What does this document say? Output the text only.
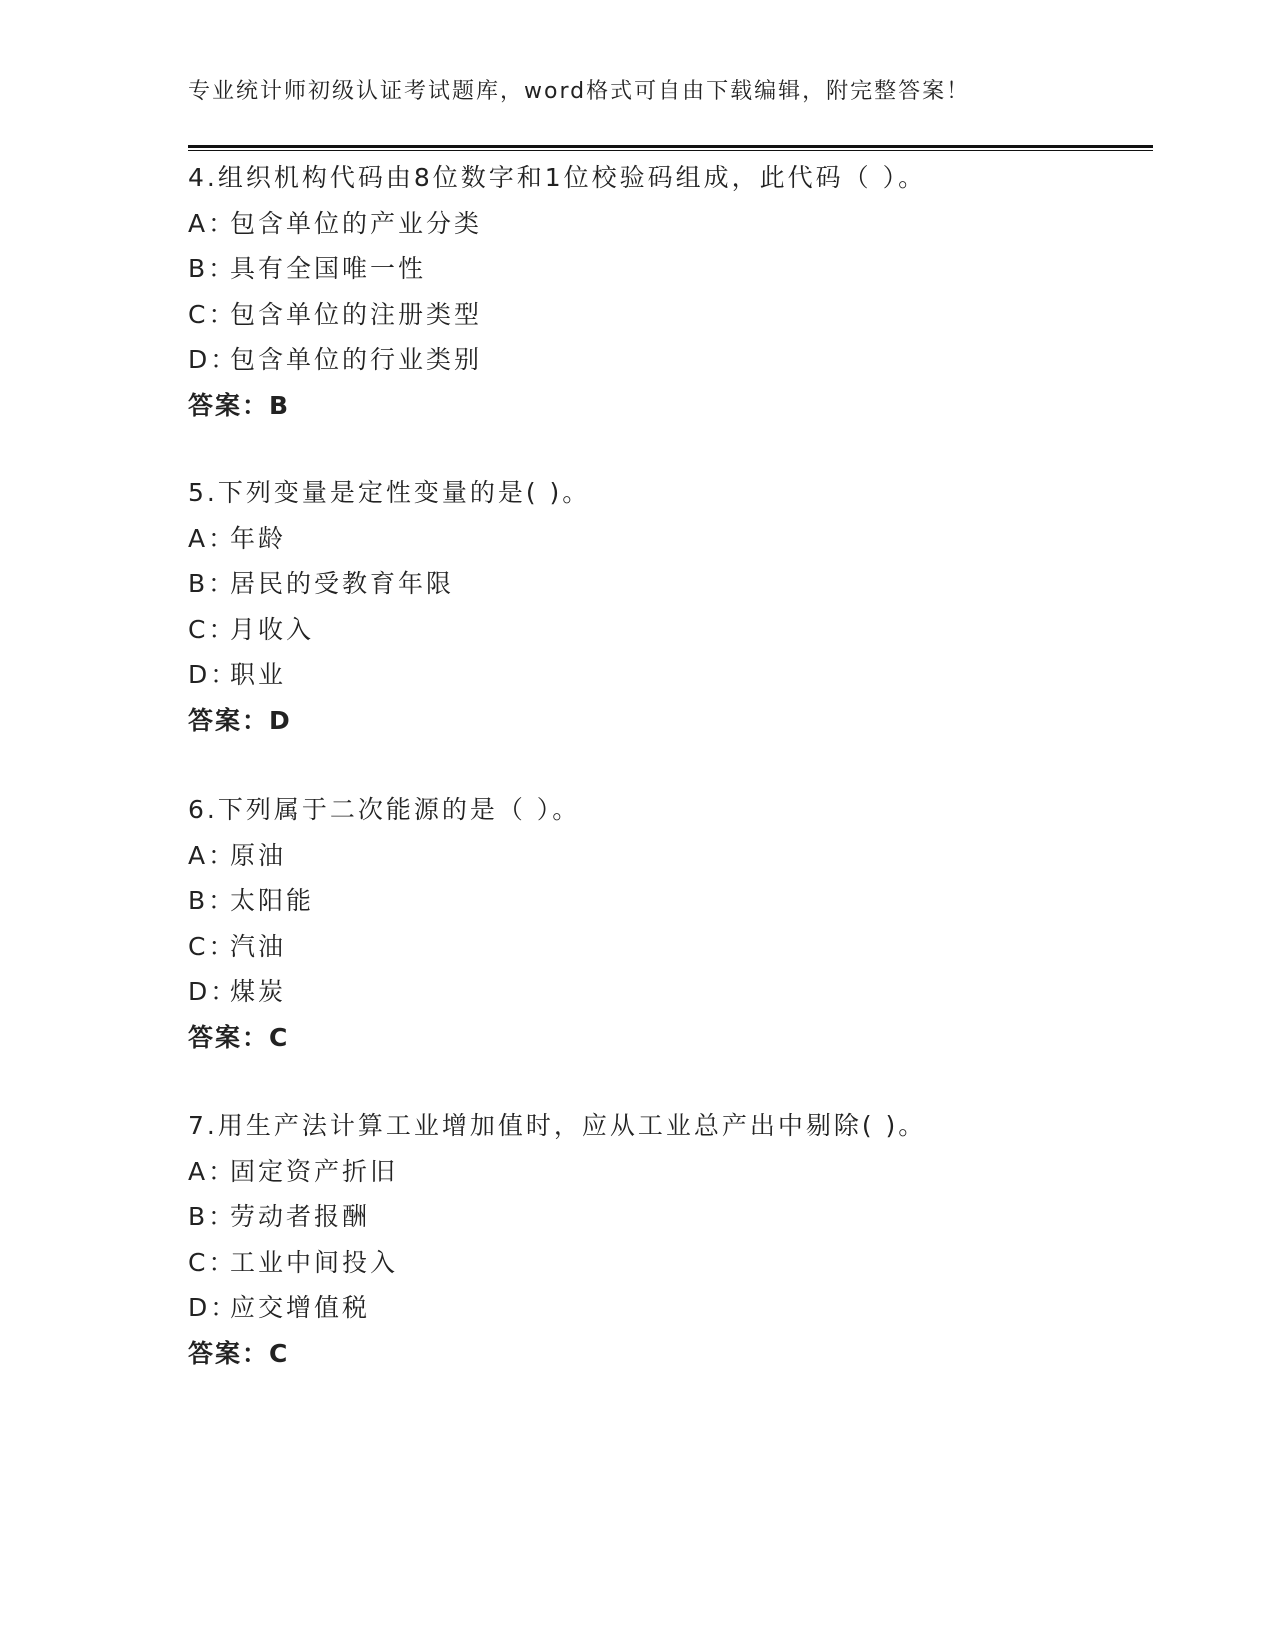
专业统计师初级认证考试题库，word格式可自由下载编辑，附完整答案！
4.组织机构代码由8位数字和1位校验码组成，此代码（ ）。
A：包含单位的产业分类
B：具有全国唯一性
C：包含单位的注册类型
D：包含单位的行业类别
答案：B
5.下列变量是定性变量的是( )。
A：年龄
B：居民的受教育年限
C：月收入
D：职业
答案：D
6.下列属于二次能源的是（ ）。
A：原油
B：太阳能
C：汽油
D：煤炭
答案：C
7.用生产法计算工业增加值时，应从工业总产出中剔除( )。
A：固定资产折旧
B：劳动者报酬
C：工业中间投入
D：应交增值税
答案：C
